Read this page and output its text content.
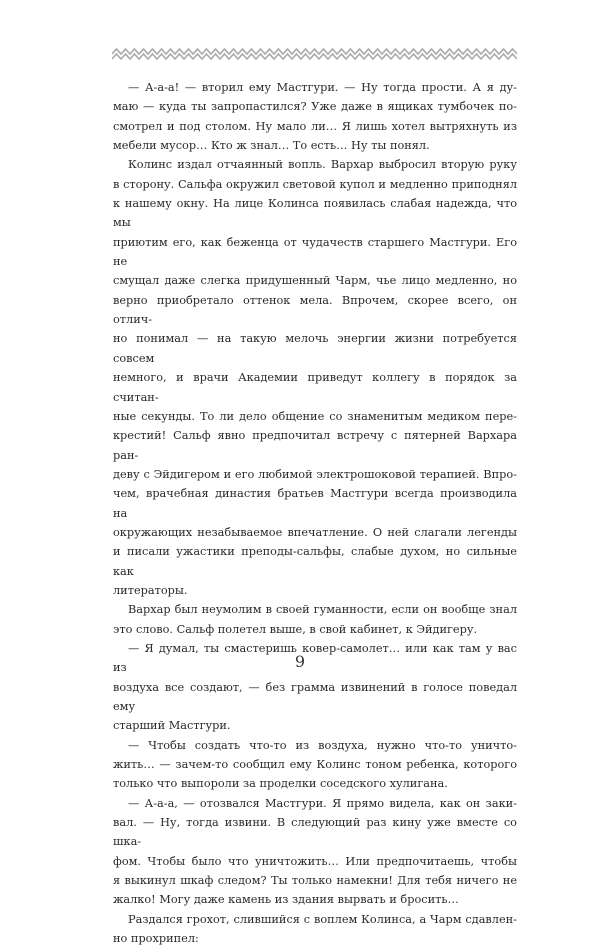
— А-а-а! — вторил ему Мастгури. — Ну тогда прости. А я ду-
маю — куда ты запропастился? Уже даже в ящиках тумбочек по-
смотрел и под столом. Ну мало ли… Я лишь хотел вытряхнуть из
мебели мусор… Кто ж знал… То есть… Ну ты понял.

Колинс издал отчаянный вопль. Вархар выбросил вторую руку
в сторону. Сальфа окружил световой купол и медленно приподнял
к нашему окну. На лице Колинса появилась слабая надежда, что мы
приютим его, как беженца от чудачеств старшего Мастгури. Его не
смущал даже слегка придушенный Чарм, чье лицо медленно, но
верно приобретало оттенок мела. Впрочем, скорее всего, он отлич-
но понимал — на такую мелочь энергии жизни потребуется совсем
немного, и врачи Академии приведут коллегу в порядок за считан-
ные секунды. То ли дело общение со знаменитым медиком пере-
крестий! Сальф явно предпочитал встречу с пятерней Вархара ран-
деву с Эйдигером и его любимой электрошоковой терапией. Впро-
чем, врачебная династия братьев Мастгури всегда производила на
окружающих незабываемое впечатление. О ней слагали легенды
и писали ужастики преподы-сальфы, слабые духом, но сильные как
литераторы.

Вархар был неумолим в своей гуманности, если он вообще знал
это слово. Сальф полетел выше, в свой кабинет, к Эйдигеру.

— Я думал, ты смастеришь ковер-самолет… или как там у вас из
воздуха все создают, — без грамма извинений в голосе поведал ему
старший Мастгури.

— Чтобы создать что-то из воздуха, нужно что-то уничто-
жить… — зачем-то сообщил ему Колинс тоном ребенка, которого
только что выпороли за проделки соседского хулигана.

— А-а-а, — отозвался Мастгури. Я прямо видела, как он заки-
вал. — Ну, тогда извини. В следующий раз кину уже вместе со шка-
фом. Чтобы было что уничтожить… Или предпочитаешь, чтобы
я выкинул шкаф следом? Ты только намекни! Для тебя ничего не
жалко! Могу даже камень из здания вырвать и бросить…

Раздался грохот, слившийся с воплем Колинса, а Чарм сдавлен-
но прохрипел:

9
